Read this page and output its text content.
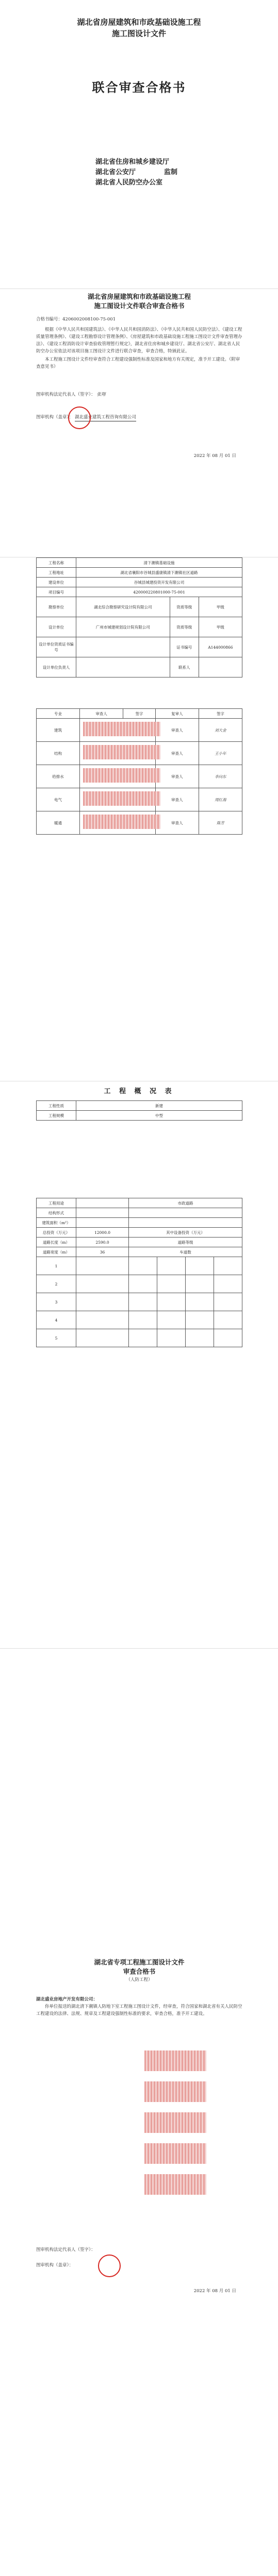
湖北省房屋建筑和市政基础设施工程
施工图设计文件
联合审查合格书
湖北省住房和城乡建设厅
湖北省公安厅	监制
湖北省人民防空办公室
湖北省房屋建筑和市政基础设施工程
施工图设计文件联合审查合格书
合格书编号：4206002008100-75-001

根据《中华人民共和国建筑法》、《中华人民共和国消防法》、《中华人民共和国人民防空法》、《建设工程质量管理条例》、《建设工程勘察设计管理条例》、《房屋建筑和市政基础设施工程施工图设计文件审查管理办法》、《建设工程消防设计审查验收管理暂行规定》，湖北省住房和城乡建设厅、湖北省公安厅、湖北省人民防空办公室依法对该项目施工图设计文件进行联合审查，审查合格，特颁此证。

本工程施工图设计文件经审查符合工程建设强制性标准及国家和地方有关规定，准予开工建设。（附审查意见书）

图审机构法定代表人（签字）： 张翔
图审机构（盖章）： 湖北盛业建筑工程咨询有限公司
2022 年 08 月 01 日
工程名称	清下潮镇基础设施		
工程地址	湖北省襄阳市谷城县盛康镇清下潮镇社区道路		
建设单位	谷城县城建投资开发有限公司		
项目编号	420000220801000-75-001		
勘察单位	湖北综合勘察研究设计院有限公司	资质等级	甲级
设计单位	广州市城建规划设计院有限公司	资质等级	甲级
设计单位资质证书编号		证书编号	A144000866
设计单位负责人		联系人	
专业	审查人	签字	复审人	签字
建筑			审查人	刘大金
结构			审查人	王小年
给排水			审查人	李向东
电气			审查人	周红海
暖通			审查人	陈芳
工 程 概 况 表
工程性质	新建
工程规模	中型
工程用途		市政道路			
结构形式					
建筑面积（m²）					
总投资（万元）	12000.0	其中设备投资（万元）			
道路长度（m）	2590.0	道路等级			
道路宽度（m）	36	车道数			
1					
2					
3					
4					
5					
湖北省专项工程施工图设计文件
审查合格书
（人防工程）
湖北盛业房地产开发有限公司：

你单位报送的湖北清下潮镇人防地下室工程施工图设计文件，经审查，符合国家和湖北省有关人民防空工程建设的法律、法规、规章及工程建设强制性标准的要求，审查合格，准予开工建设。

图审机构法定代表人（签字）：
图审机构（盖章）：
2022 年 08 月 01 日
